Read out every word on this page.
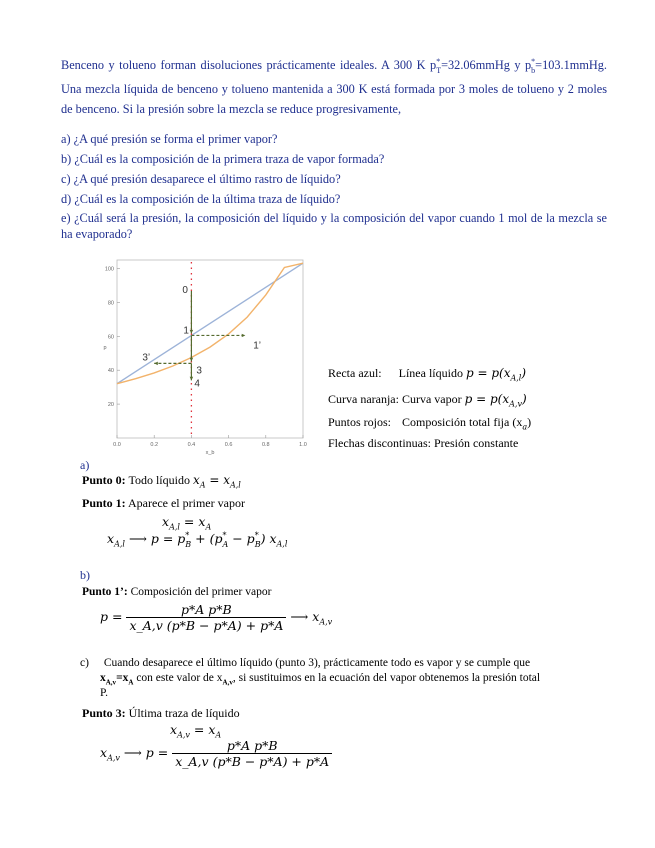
Benceno y tolueno forman disoluciones prácticamente ideales. A 300 K $p^*_T=32.06mmHg$ y $p^*_b=103.1mmHg$. Una mezcla líquida de benceno y tolueno mantenida a 300 K está formada por 3 moles de tolueno y 2 moles de benceno. Si la presión sobre la mezcla se reduce progresivamente,
a) ¿A qué presión se forma el primer vapor?
b) ¿Cuál es la composición de la primera traza de vapor formada?
c) ¿A qué presión desaparece el último rastro de líquido?
d) ¿Cuál es la composición de la última traza de líquido?
e) ¿Cuál será la presión, la composición del líquido y la composición del vapor cuando 1 mol de la mezcla se ha evaporado?
0.0	0.2	0.4	0.6	0.8	1.0
20
40
60
80
100
x_b
p
0
1
3
4
1’
3’
Recta azul: Línea líquido $p = p(x_{A,l})$
Curva naranja: Curva vapor $p = p(x_{A,v})$
Puntos rojos: Composición total fija $(x_a)$
Flechas discontinuas: Presión constante
a)
Punto 0: Todo líquido $x_A = x_{A,l}$
Punto 1: Aparece el primer vapor
$x_{A,l} = x_A$
$x_{A,l}$ ⟶ $p = p^*_B + (p^*_A - p^*_B)$ $x_{A,l}$
b)
Punto 1’: Composición del primer vapor
$p = \frac{\text{p*A p*B}}{x\_A,v (p*B - p*A) + p*A}$ ⟶ $x_{A,v}$
c) Cuando desaparece el último líquido (punto 3), prácticamente todo es vapor y se cumple que
$x_{A,v}=x_A$ con este valor de $x_{A,v}$, si sustituimos en la ecuación del vapor obtenemos la presión total
P.
Punto 3: Última traza de líquido
$x_{A,v} = x_A$
$x_{A,v}$ ⟶ $p = \frac{\text{p*A p*B}}{x\_A,v (p*B - p*A) + p*A}$
